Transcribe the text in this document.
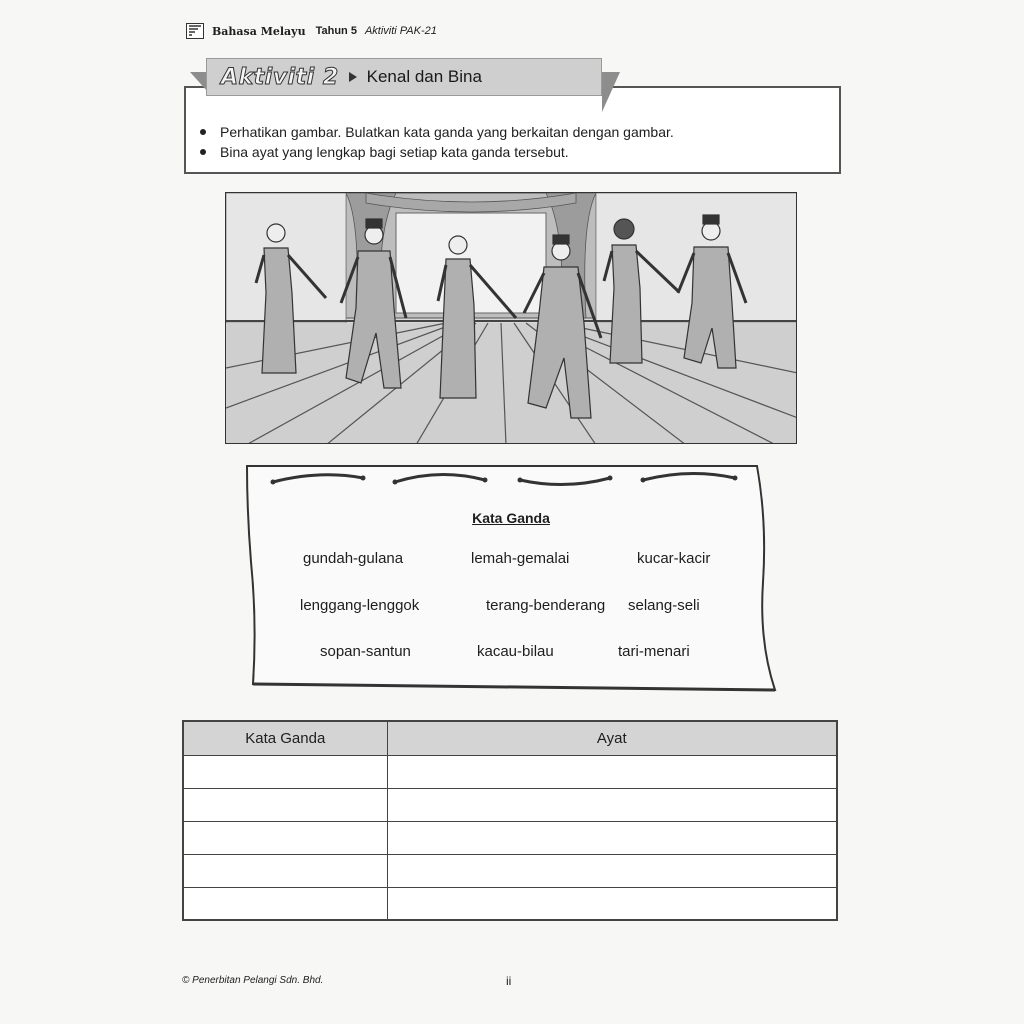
Bahasa Melayu Tahun 5 Aktiviti PAK-21
Aktiviti 2 Kenal dan Bina
Perhatikan gambar. Bulatkan kata ganda yang berkaitan dengan gambar.
Bina ayat yang lengkap bagi setiap kata ganda tersebut.
Kata Ganda
gundah-gulana	lemah-gemalai	kucar-kacir
lenggang-lenggok	terang-benderang selang-seli
sopan-santun	kacau-bilau	tari-menari
Kata Ganda	Ayat

© Penerbitan Pelangi Sdn. Bhd.	ii
